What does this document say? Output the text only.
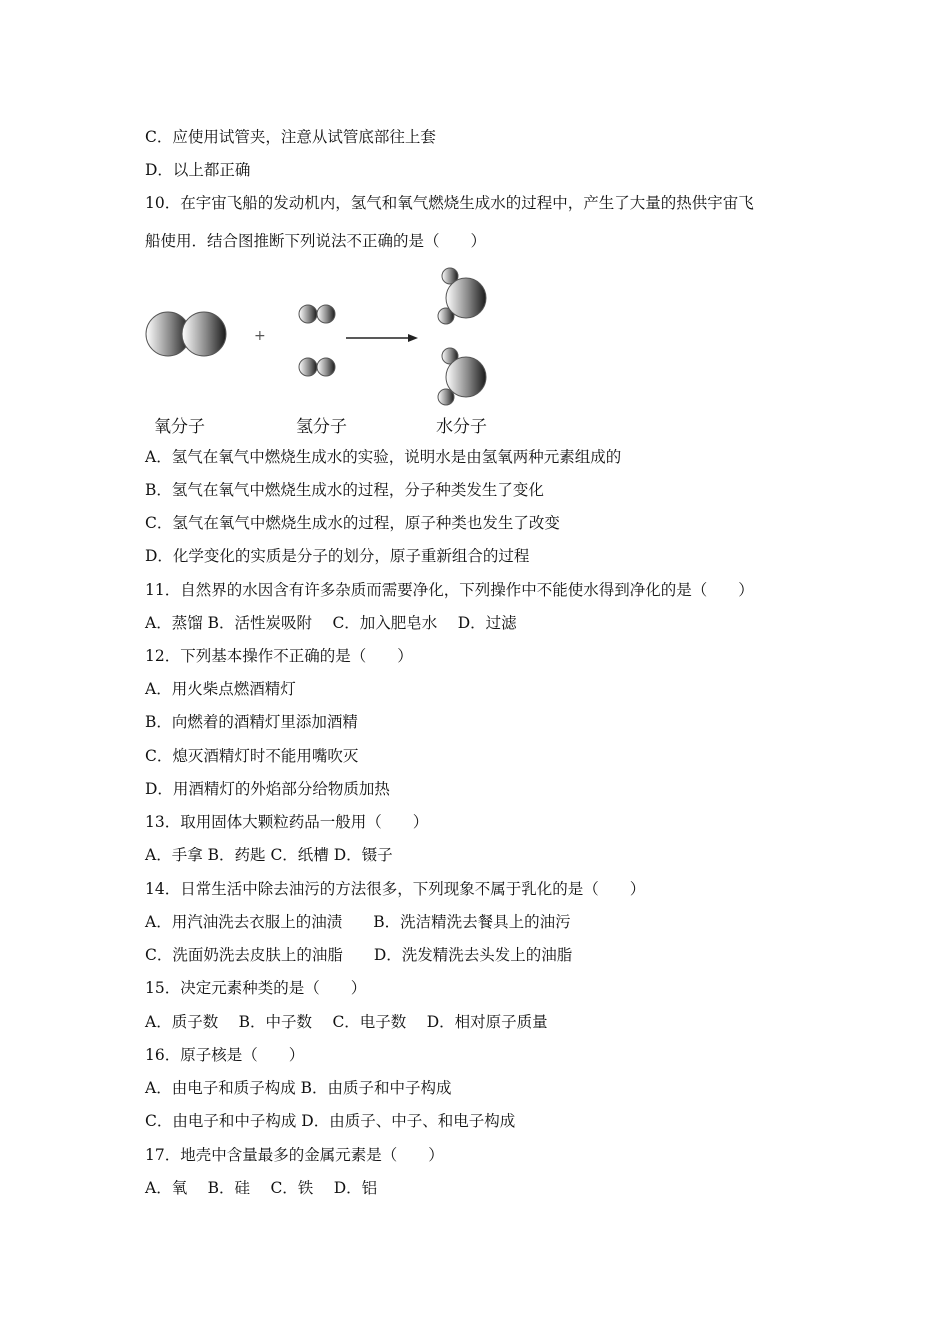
C．应使用试管夹，注意从试管底部往上套
D．以上都正确
10．在宇宙飞船的发动机内，氢气和氧气燃烧生成水的过程中，产生了大量的热供宇宙飞
船使用．结合图推断下列说法不正确的是（　　）
+
氧分子	氢分子	水分子
A．氢气在氧气中燃烧生成水的实验，说明水是由氢氧两种元素组成的
B．氢气在氧气中燃烧生成水的过程，分子种类发生了变化
C．氢气在氧气中燃烧生成水的过程，原子种类也发生了改变
D．化学变化的实质是分子的划分，原子重新组合的过程
11．自然界的水因含有许多杂质而需要净化，下列操作中不能使水得到净化的是（　　）
A．蒸馏 B．活性炭吸附　 C．加入肥皂水　 D．过滤
12．下列基本操作不正确的是（　　）
A．用火柴点燃酒精灯
B．向燃着的酒精灯里添加酒精
C．熄灭酒精灯时不能用嘴吹灭
D．用酒精灯的外焰部分给物质加热
13．取用固体大颗粒药品一般用（　　）
A．手拿 B．药匙 C．纸槽 D．镊子
14．日常生活中除去油污的方法很多，下列现象不属于乳化的是（　　）
A．用汽油洗去衣服上的油渍　　B．洗洁精洗去餐具上的油污
C．洗面奶洗去皮肤上的油脂　　D．洗发精洗去头发上的油脂
15．决定元素种类的是（　　）
A．质子数　 B．中子数　 C．电子数　 D．相对原子质量
16．原子核是（　　）
A．由电子和质子构成 B．由质子和中子构成
C．由电子和中子构成 D．由质子、中子、和电子构成
17．地壳中含量最多的金属元素是（　　）
A．氧　 B．硅　 C．铁　 D．铝
